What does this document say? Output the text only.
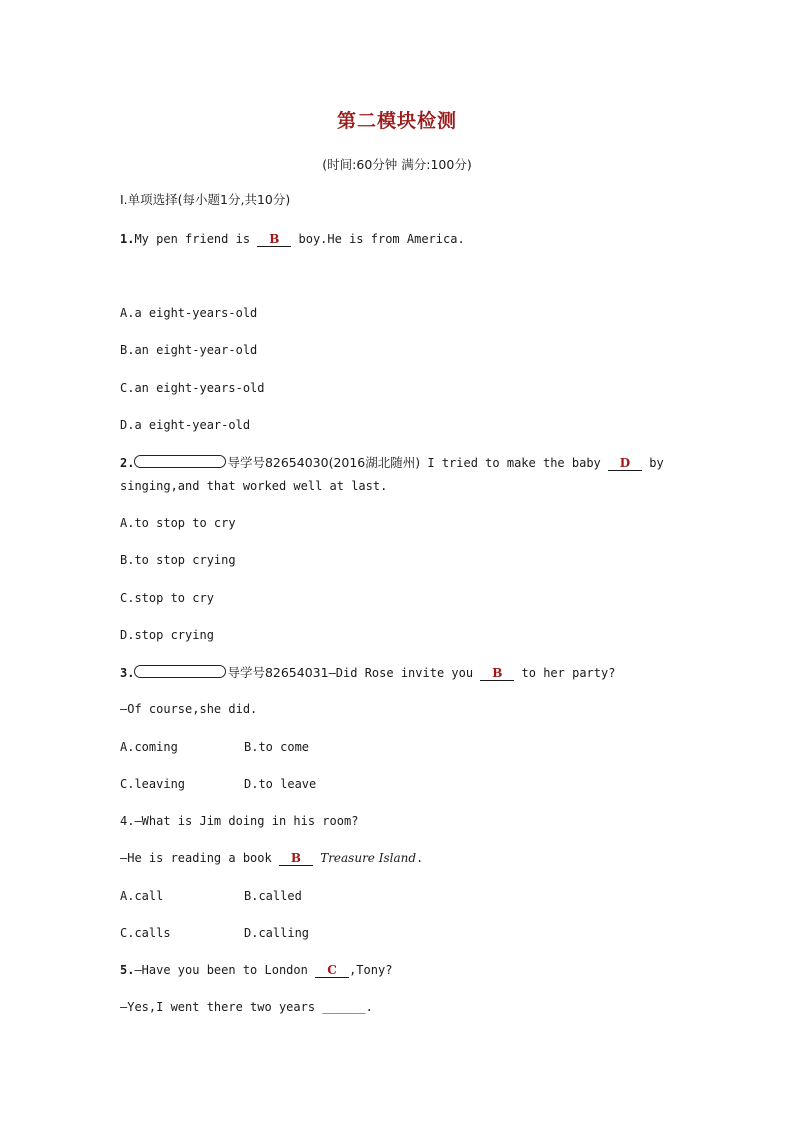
第二模块检测
(时间:60分钟 满分:100分)
Ⅰ.单项选择(每小题1分,共10分)
1.My pen friend is B boy.He is from America.
A.a eight-years-old
B.an eight-year-old
C.an eight-years-old
D.a eight-year-old
2.	导学号82654030(2016湖北随州) I tried to make the baby D by
singing,and that worked well at last.
A.to stop to cry
B.to stop crying
C.stop to cry
D.stop crying
3.	导学号82654031—Did Rose invite you B to her party?
—Of course,she did.
A.coming	B.to come
C.leaving	D.to leave
4.—What is Jim doing in his room?
—He is reading a book B Treasure Island.
A.call	B.called
C.calls	D.calling
5.—Have you been to London C ,Tony?
—Yes,I went there two years ______.
